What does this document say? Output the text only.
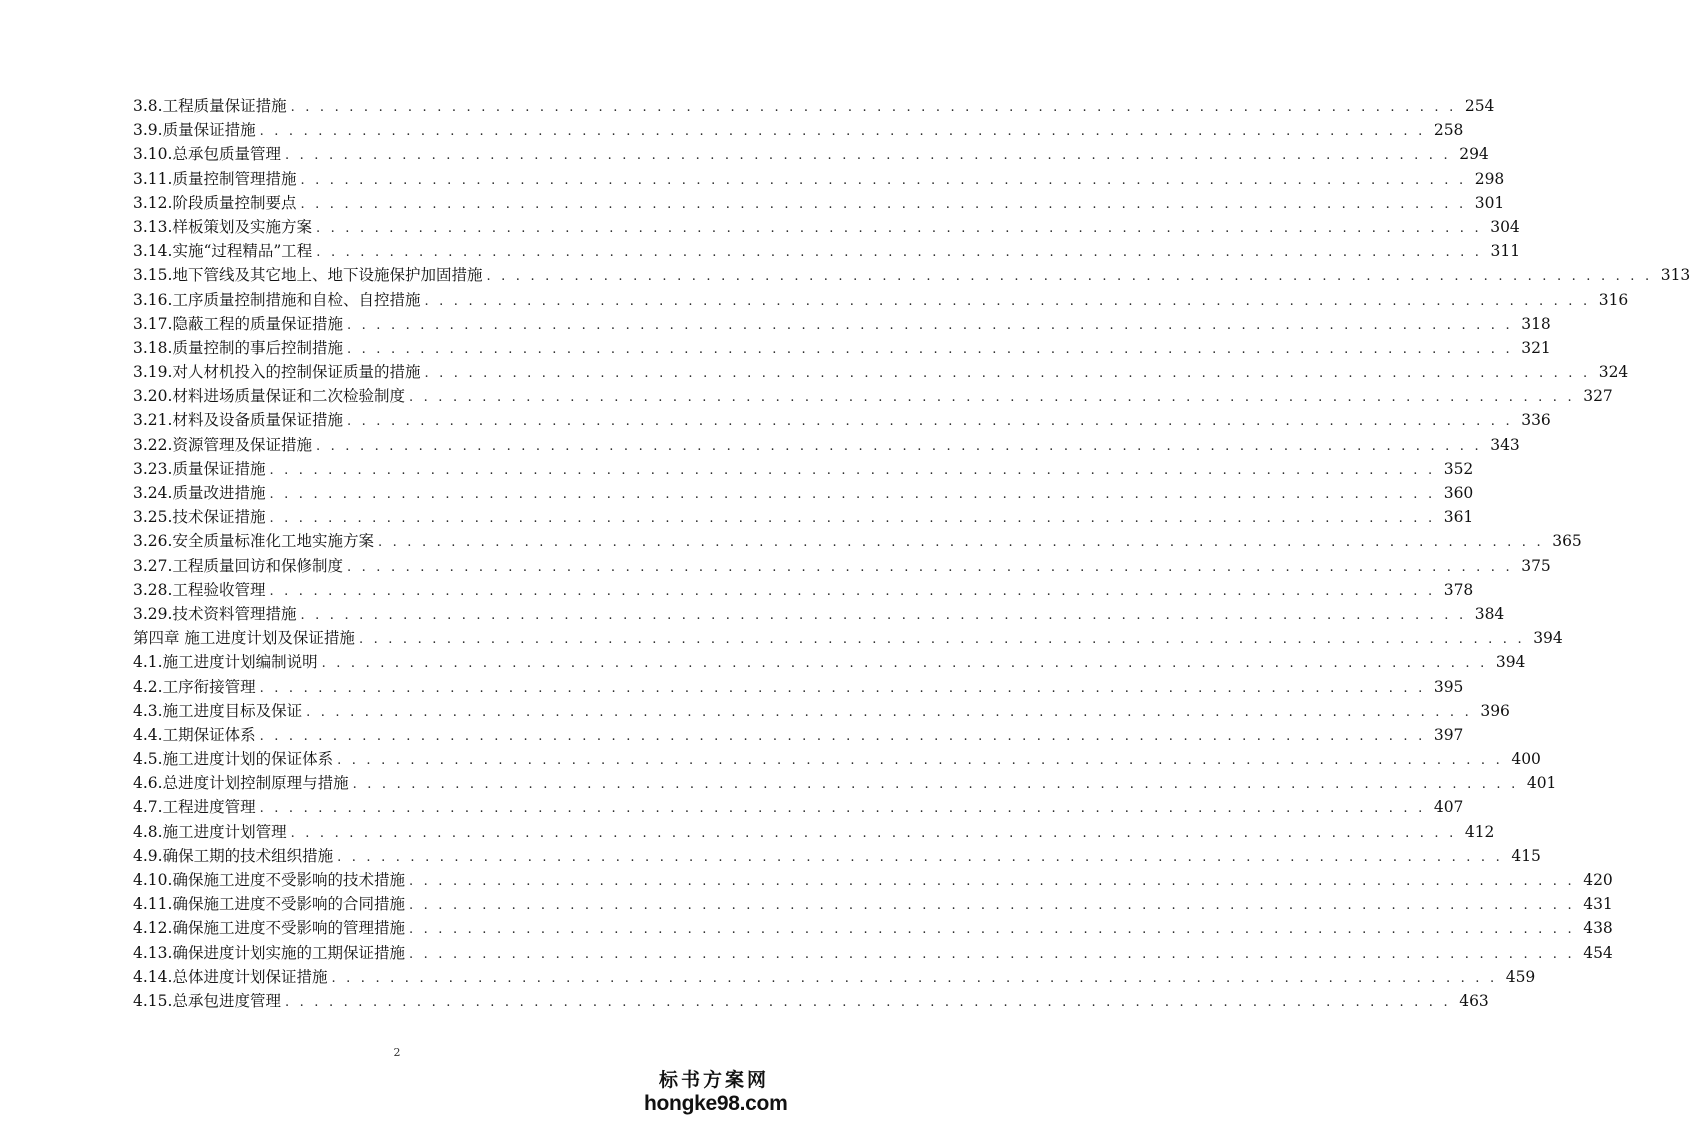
3.8.工程质量保证措施 . . . . . . . . . . . . . . . . . . . . . . . . . . . . . . . . . . . . . . . . . . . . . . . . . . . . . . . . . . . . . . . . . . . . . . . . . . . . . . . . 254
3.9.质量保证措施 . . . . . . . . . . . . . . . . . . . . . . . . . . . . . . . . . . . . . . . . . . . . . . . . . . . . . . . . . . . . . . . . . . . . . . . . . . . . . . . . 258
3.10.总承包质量管理 . . . . . . . . . . . . . . . . . . . . . . . . . . . . . . . . . . . . . . . . . . . . . . . . . . . . . . . . . . . . . . . . . . . . . . . . . . . . . . . . 294
3.11.质量控制管理措施 . . . . . . . . . . . . . . . . . . . . . . . . . . . . . . . . . . . . . . . . . . . . . . . . . . . . . . . . . . . . . . . . . . . . . . . . . . . . . . . . 298
3.12.阶段质量控制要点 . . . . . . . . . . . . . . . . . . . . . . . . . . . . . . . . . . . . . . . . . . . . . . . . . . . . . . . . . . . . . . . . . . . . . . . . . . . . . . . . 301
3.13.样板策划及实施方案 . . . . . . . . . . . . . . . . . . . . . . . . . . . . . . . . . . . . . . . . . . . . . . . . . . . . . . . . . . . . . . . . . . . . . . . . . . . . . . . . 304
3.14.实施“过程精品”工程 . . . . . . . . . . . . . . . . . . . . . . . . . . . . . . . . . . . . . . . . . . . . . . . . . . . . . . . . . . . . . . . . . . . . . . . . . . . . . . . . 311
3.15.地下管线及其它地上、地下设施保护加固措施 . . . . . . . . . . . . . . . . . . . . . . . . . . . . . . . . . . . . . . . . . . . . . . . . . . . . . . . . . . . . . . . . . . . . . . . . . . . . . . . . 313
3.16.工序质量控制措施和自检、自控措施 . . . . . . . . . . . . . . . . . . . . . . . . . . . . . . . . . . . . . . . . . . . . . . . . . . . . . . . . . . . . . . . . . . . . . . . . . . . . . . . . 316
3.17.隐蔽工程的质量保证措施 . . . . . . . . . . . . . . . . . . . . . . . . . . . . . . . . . . . . . . . . . . . . . . . . . . . . . . . . . . . . . . . . . . . . . . . . . . . . . . . . 318
3.18.质量控制的事后控制措施 . . . . . . . . . . . . . . . . . . . . . . . . . . . . . . . . . . . . . . . . . . . . . . . . . . . . . . . . . . . . . . . . . . . . . . . . . . . . . . . . 321
3.19.对人材机投入的控制保证质量的措施 . . . . . . . . . . . . . . . . . . . . . . . . . . . . . . . . . . . . . . . . . . . . . . . . . . . . . . . . . . . . . . . . . . . . . . . . . . . . . . . . 324
3.20.材料进场质量保证和二次检验制度 . . . . . . . . . . . . . . . . . . . . . . . . . . . . . . . . . . . . . . . . . . . . . . . . . . . . . . . . . . . . . . . . . . . . . . . . . . . . . . . . 327
3.21.材料及设备质量保证措施 . . . . . . . . . . . . . . . . . . . . . . . . . . . . . . . . . . . . . . . . . . . . . . . . . . . . . . . . . . . . . . . . . . . . . . . . . . . . . . . . 336
3.22.资源管理及保证措施 . . . . . . . . . . . . . . . . . . . . . . . . . . . . . . . . . . . . . . . . . . . . . . . . . . . . . . . . . . . . . . . . . . . . . . . . . . . . . . . . 343
3.23.质量保证措施 . . . . . . . . . . . . . . . . . . . . . . . . . . . . . . . . . . . . . . . . . . . . . . . . . . . . . . . . . . . . . . . . . . . . . . . . . . . . . . . . 352
3.24.质量改进措施 . . . . . . . . . . . . . . . . . . . . . . . . . . . . . . . . . . . . . . . . . . . . . . . . . . . . . . . . . . . . . . . . . . . . . . . . . . . . . . . . 360
3.25.技术保证措施 . . . . . . . . . . . . . . . . . . . . . . . . . . . . . . . . . . . . . . . . . . . . . . . . . . . . . . . . . . . . . . . . . . . . . . . . . . . . . . . . 361
3.26.安全质量标准化工地实施方案 . . . . . . . . . . . . . . . . . . . . . . . . . . . . . . . . . . . . . . . . . . . . . . . . . . . . . . . . . . . . . . . . . . . . . . . . . . . . . . . . 365
3.27.工程质量回访和保修制度 . . . . . . . . . . . . . . . . . . . . . . . . . . . . . . . . . . . . . . . . . . . . . . . . . . . . . . . . . . . . . . . . . . . . . . . . . . . . . . . . 375
3.28.工程验收管理 . . . . . . . . . . . . . . . . . . . . . . . . . . . . . . . . . . . . . . . . . . . . . . . . . . . . . . . . . . . . . . . . . . . . . . . . . . . . . . . . 378
3.29.技术资料管理措施 . . . . . . . . . . . . . . . . . . . . . . . . . . . . . . . . . . . . . . . . . . . . . . . . . . . . . . . . . . . . . . . . . . . . . . . . . . . . . . . . 384
第四章 施工进度计划及保证措施 . . . . . . . . . . . . . . . . . . . . . . . . . . . . . . . . . . . . . . . . . . . . . . . . . . . . . . . . . . . . . . . . . . . . . . . . . . . . . . . . 394
4.1.施工进度计划编制说明 . . . . . . . . . . . . . . . . . . . . . . . . . . . . . . . . . . . . . . . . . . . . . . . . . . . . . . . . . . . . . . . . . . . . . . . . . . . . . . . . 394
4.2.工序衔接管理 . . . . . . . . . . . . . . . . . . . . . . . . . . . . . . . . . . . . . . . . . . . . . . . . . . . . . . . . . . . . . . . . . . . . . . . . . . . . . . . . 395
4.3.施工进度目标及保证 . . . . . . . . . . . . . . . . . . . . . . . . . . . . . . . . . . . . . . . . . . . . . . . . . . . . . . . . . . . . . . . . . . . . . . . . . . . . . . . . 396
4.4.工期保证体系 . . . . . . . . . . . . . . . . . . . . . . . . . . . . . . . . . . . . . . . . . . . . . . . . . . . . . . . . . . . . . . . . . . . . . . . . . . . . . . . . 397
4.5.施工进度计划的保证体系 . . . . . . . . . . . . . . . . . . . . . . . . . . . . . . . . . . . . . . . . . . . . . . . . . . . . . . . . . . . . . . . . . . . . . . . . . . . . . . . . 400
4.6.总进度计划控制原理与措施 . . . . . . . . . . . . . . . . . . . . . . . . . . . . . . . . . . . . . . . . . . . . . . . . . . . . . . . . . . . . . . . . . . . . . . . . . . . . . . . . 401
4.7.工程进度管理 . . . . . . . . . . . . . . . . . . . . . . . . . . . . . . . . . . . . . . . . . . . . . . . . . . . . . . . . . . . . . . . . . . . . . . . . . . . . . . . . 407
4.8.施工进度计划管理 . . . . . . . . . . . . . . . . . . . . . . . . . . . . . . . . . . . . . . . . . . . . . . . . . . . . . . . . . . . . . . . . . . . . . . . . . . . . . . . . 412
4.9.确保工期的技术组织措施 . . . . . . . . . . . . . . . . . . . . . . . . . . . . . . . . . . . . . . . . . . . . . . . . . . . . . . . . . . . . . . . . . . . . . . . . . . . . . . . . 415
4.10.确保施工进度不受影响的技术措施 . . . . . . . . . . . . . . . . . . . . . . . . . . . . . . . . . . . . . . . . . . . . . . . . . . . . . . . . . . . . . . . . . . . . . . . . . . . . . . . . 420
4.11.确保施工进度不受影响的合同措施 . . . . . . . . . . . . . . . . . . . . . . . . . . . . . . . . . . . . . . . . . . . . . . . . . . . . . . . . . . . . . . . . . . . . . . . . . . . . . . . . 431
4.12.确保施工进度不受影响的管理措施 . . . . . . . . . . . . . . . . . . . . . . . . . . . . . . . . . . . . . . . . . . . . . . . . . . . . . . . . . . . . . . . . . . . . . . . . . . . . . . . . 438
4.13.确保进度计划实施的工期保证措施 . . . . . . . . . . . . . . . . . . . . . . . . . . . . . . . . . . . . . . . . . . . . . . . . . . . . . . . . . . . . . . . . . . . . . . . . . . . . . . . . 454
4.14.总体进度计划保证措施 . . . . . . . . . . . . . . . . . . . . . . . . . . . . . . . . . . . . . . . . . . . . . . . . . . . . . . . . . . . . . . . . . . . . . . . . . . . . . . . . 459
4.15.总承包进度管理 . . . . . . . . . . . . . . . . . . . . . . . . . . . . . . . . . . . . . . . . . . . . . . . . . . . . . . . . . . . . . . . . . . . . . . . . . . . . . . . . 463
2
标书方案网
hongke98.com
